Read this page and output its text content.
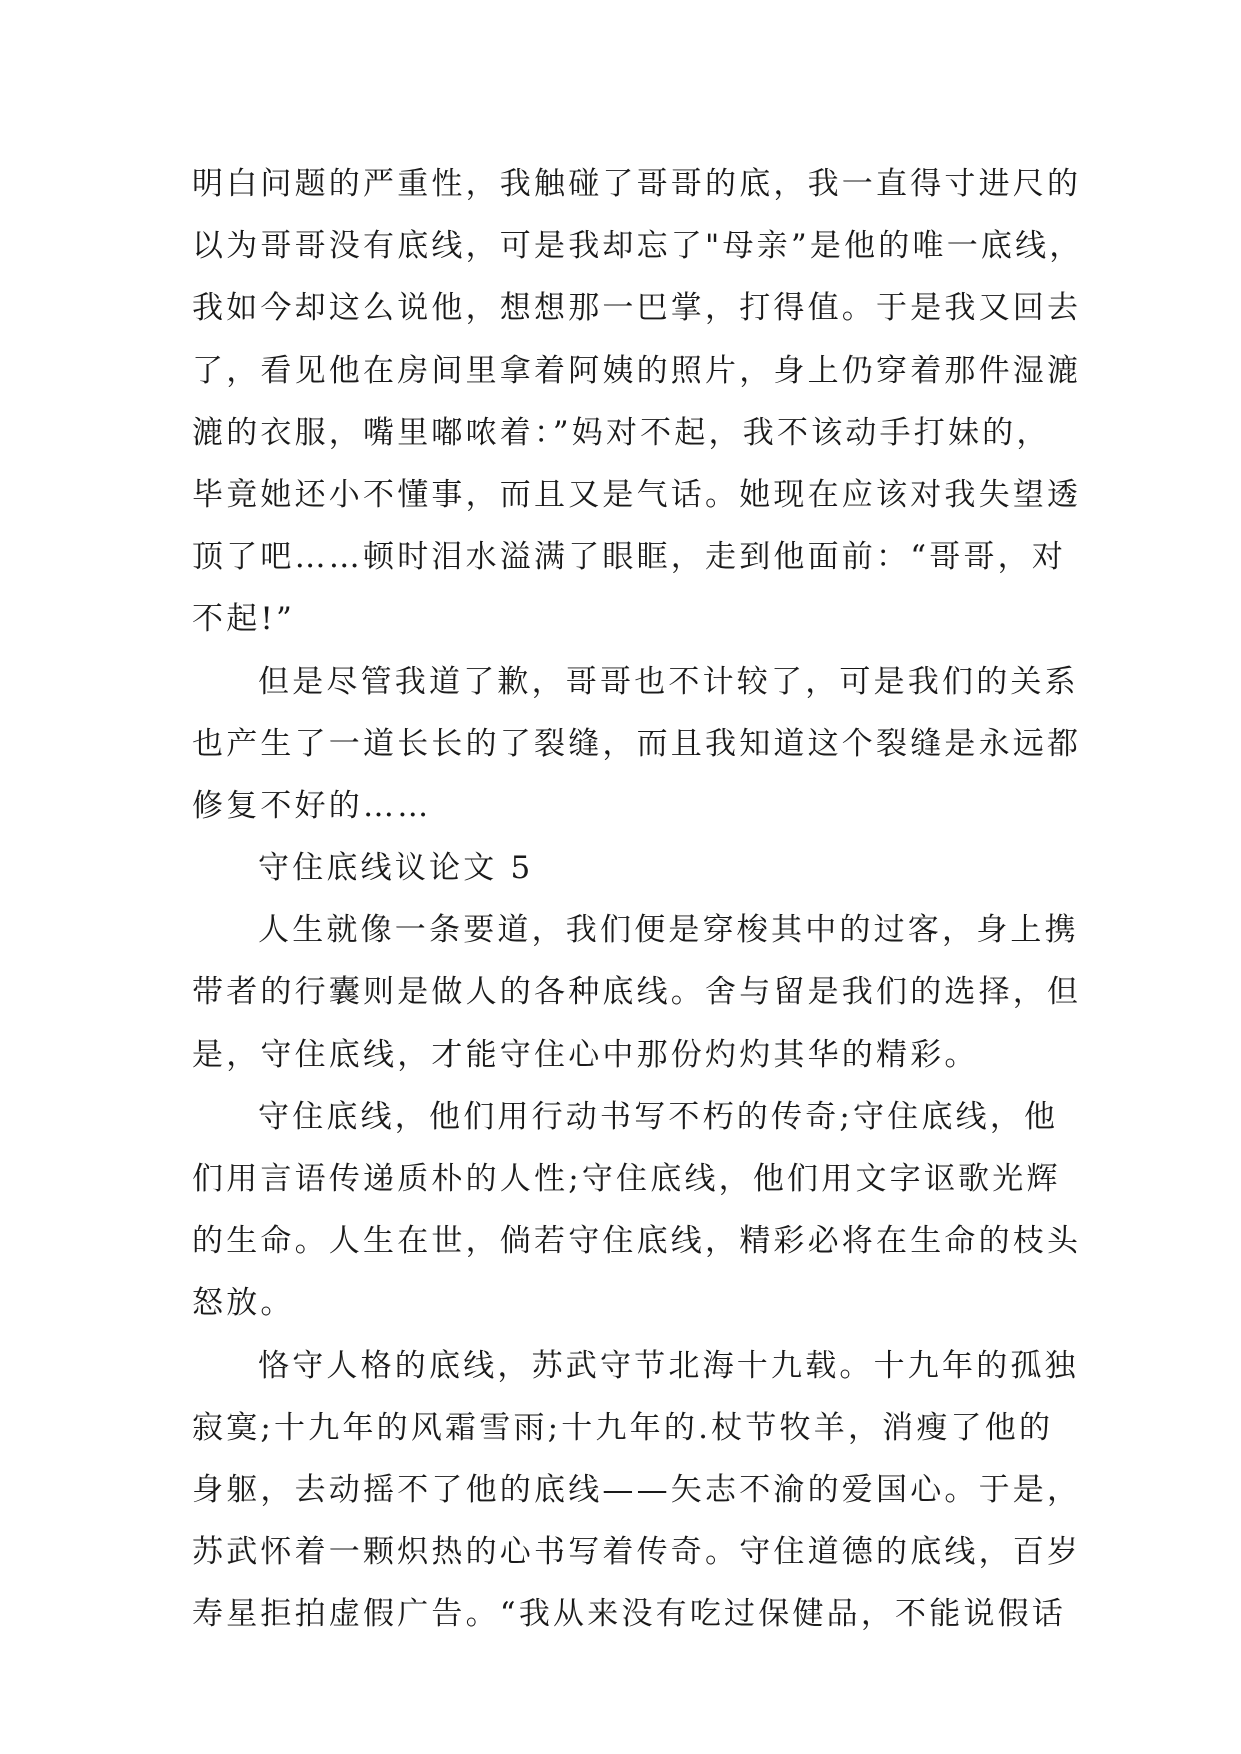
明白问题的严重性，我触碰了哥哥的底，我一直得寸进尺的
以为哥哥没有底线，可是我却忘了"母亲”是他的唯一底线，
我如今却这么说他，想想那一巴掌，打得值。于是我又回去
了，看见他在房间里拿着阿姨的照片，身上仍穿着那件湿漉
漉的衣服，嘴里嘟哝着：”妈对不起，我不该动手打妹的，
毕竟她还小不懂事，而且又是气话。她现在应该对我失望透
顶了吧……顿时泪水溢满了眼眶，走到他面前：“哥哥，对
不起!”
但是尽管我道了歉，哥哥也不计较了，可是我们的关系
也产生了一道长长的了裂缝，而且我知道这个裂缝是永远都
修复不好的……
守住底线议论文 5
人生就像一条要道，我们便是穿梭其中的过客，身上携
带者的行囊则是做人的各种底线。舍与留是我们的选择，但
是，守住底线，才能守住心中那份灼灼其华的精彩。
守住底线，他们用行动书写不朽的传奇;守住底线，他
们用言语传递质朴的人性;守住底线，他们用文字讴歌光辉
的生命。人生在世，倘若守住底线，精彩必将在生命的枝头
怒放。
恪守人格的底线，苏武守节北海十九载。十九年的孤独
寂寞;十九年的风霜雪雨;十九年的.杖节牧羊，消瘦了他的
身躯，去动摇不了他的底线——矢志不渝的爱国心。于是，
苏武怀着一颗炽热的心书写着传奇。守住道德的底线，百岁
寿星拒拍虚假广告。“我从来没有吃过保健品，不能说假话
